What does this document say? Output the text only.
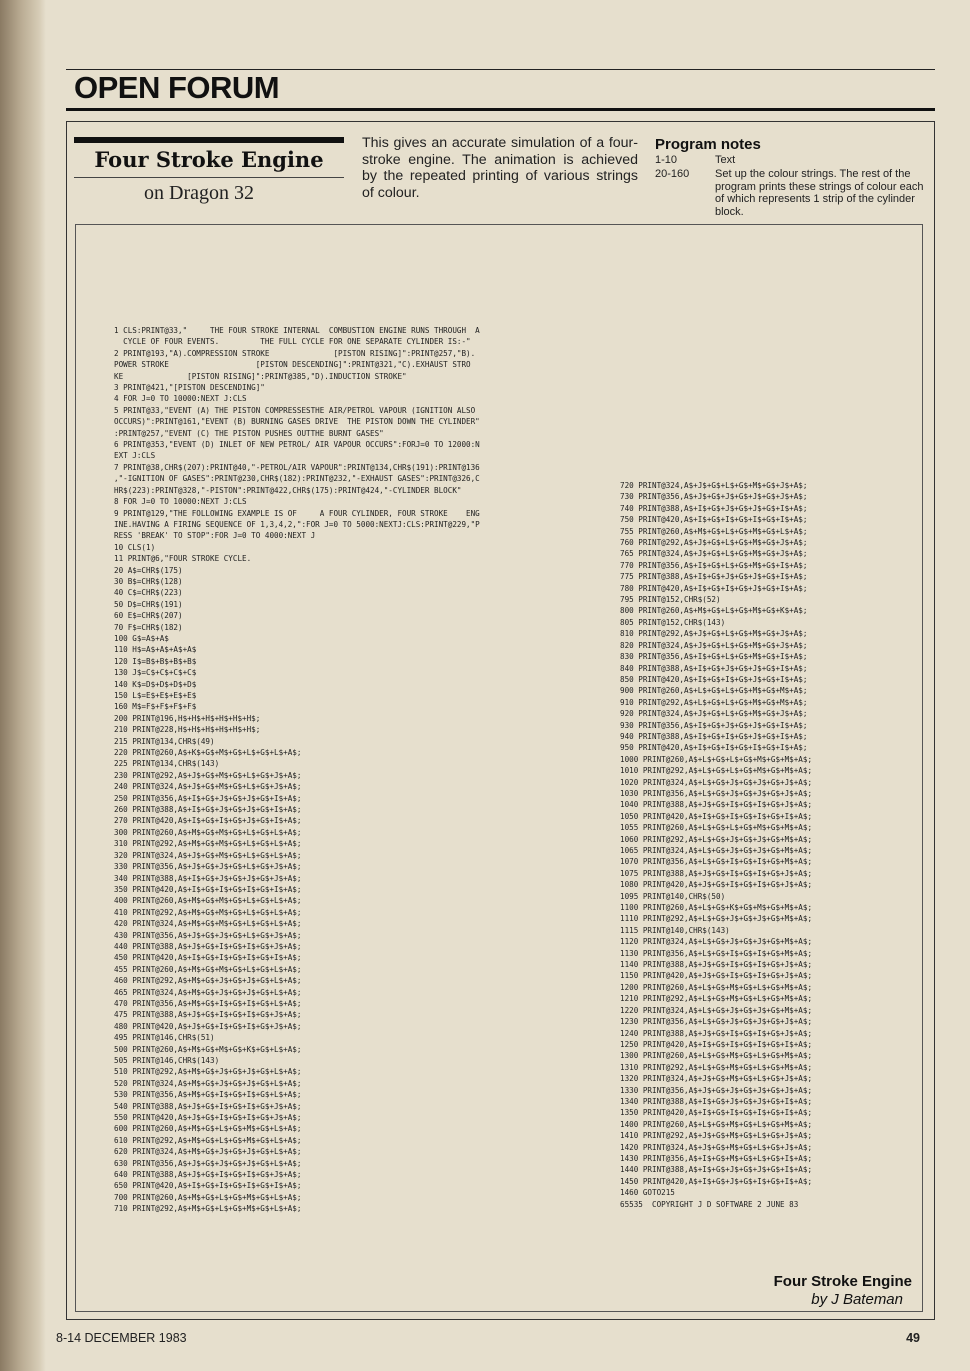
OPEN FORUM
Four Stroke Engine
on Dragon 32
This gives an accurate simulation of a four-stroke engine. The animation is achieved by the repeated printing of various strings of colour.
Program notes
1-10	Text
20-160	Set up the colour strings. The rest of the program prints these strings of colour each of which represents 1 strip of the cylinder block.
1 CLS:PRINT@33,"     THE FOUR STROKE INTERNAL  COMBUSTION ENGINE RUNS THROUGH  A
CYCLE OF FOUR EVENTS.         THE FULL CYCLE FOR ONE SEPARATE CYLINDER IS:-"
2 PRINT@193,"A).COMPRESSION STROKE              [PISTON RISING]":PRINT@257,"B).
POWER STROKE                   [PISTON DESCENDING]":PRINT@321,"C).EXHAUST STRO
KE              [PISTON RISING]":PRINT@385,"D).INDUCTION STROKE"
3 PRINT@421,"[PISTON DESCENDING]"
4 FOR J=0 TO 10000:NEXT J:CLS
5 PRINT@33,"EVENT (A) THE PISTON COMPRESSESTHE AIR/PETROL VAPOUR (IGNITION ALSO
OCCURS)":PRINT@161,"EVENT (B) BURNING GASES DRIVE  THE PISTON DOWN THE CYLINDER"
:PRINT@257,"EVENT (C) THE PISTON PUSHES OUTTHE BURNT GASES"
6 PRINT@353,"EVENT (D) INLET OF NEW PETROL/ AIR VAPOUR OCCURS":FORJ=0 TO 12000:N
EXT J:CLS
7 PRINT@38,CHR$(207):PRINT@40,"-PETROL/AIR VAPOUR":PRINT@134,CHR$(191):PRINT@136
,"-IGNITION OF GASES":PRINT@230,CHR$(182):PRINT@232,"-EXHAUST GASES":PRINT@326,C
HR$(223):PRINT@328,"-PISTON":PRINT@422,CHR$(175):PRINT@424,"-CYLINDER BLOCK"
8 FOR J=0 TO 10000:NEXT J:CLS
9 PRINT@129,"THE FOLLOWING EXAMPLE IS OF     A FOUR CYLINDER, FOUR STROKE    ENG
INE.HAVING A FIRING SEQUENCE OF 1,3,4,2,":FOR J=0 TO 5000:NEXTJ:CLS:PRINT@229,"P
RESS 'BREAK' TO STOP":FOR J=0 TO 4000:NEXT J
10 CLS(1)
11 PRINT@6,"FOUR STROKE CYCLE.
20 A$=CHR$(175)
30 B$=CHR$(128)
40 C$=CHR$(223)
50 D$=CHR$(191)
60 E$=CHR$(207)
70 F$=CHR$(182)
100 G$=A$+A$
110 H$=A$+A$+A$+A$
120 I$=B$+B$+B$+B$
130 J$=C$+C$+C$+C$
140 K$=D$+D$+D$+D$
150 L$=E$+E$+E$+E$
160 M$=F$+F$+F$+F$
200 PRINT@196,H$+H$+H$+H$+H$+H$;
210 PRINT@228,H$+H$+H$+H$+H$+H$;
215 PRINT@134,CHR$(49)
220 PRINT@260,A$+K$+G$+M$+G$+L$+G$+L$+A$;
225 PRINT@134,CHR$(143)
230 PRINT@292,A$+J$+G$+M$+G$+L$+G$+J$+A$;
240 PRINT@324,A$+J$+G$+M$+G$+L$+G$+J$+A$;
250 PRINT@356,A$+I$+G$+J$+G$+J$+G$+I$+A$;
260 PRINT@388,A$+I$+G$+J$+G$+J$+G$+I$+A$;
270 PRINT@420,A$+I$+G$+I$+G$+J$+G$+I$+A$;
300 PRINT@260,A$+M$+G$+M$+G$+L$+G$+L$+A$;
310 PRINT@292,A$+M$+G$+M$+G$+L$+G$+L$+A$;
320 PRINT@324,A$+J$+G$+M$+G$+L$+G$+L$+A$;
330 PRINT@356,A$+J$+G$+J$+G$+L$+G$+J$+A$;
340 PRINT@388,A$+I$+G$+J$+G$+J$+G$+J$+A$;
350 PRINT@420,A$+I$+G$+I$+G$+I$+G$+I$+A$;
400 PRINT@260,A$+M$+G$+M$+G$+L$+G$+L$+A$;
410 PRINT@292,A$+M$+G$+M$+G$+L$+G$+L$+A$;
420 PRINT@324,A$+M$+G$+M$+G$+L$+G$+L$+A$;
430 PRINT@356,A$+J$+G$+J$+G$+L$+G$+J$+A$;
440 PRINT@388,A$+J$+G$+I$+G$+I$+G$+J$+A$;
450 PRINT@420,A$+I$+G$+I$+G$+I$+G$+I$+A$;
455 PRINT@260,A$+M$+G$+M$+G$+L$+G$+L$+A$;
460 PRINT@292,A$+M$+G$+J$+G$+J$+G$+L$+A$;
465 PRINT@324,A$+M$+G$+J$+G$+J$+G$+L$+A$;
470 PRINT@356,A$+M$+G$+I$+G$+I$+G$+L$+A$;
475 PRINT@388,A$+J$+G$+I$+G$+I$+G$+J$+A$;
480 PRINT@420,A$+J$+G$+I$+G$+I$+G$+J$+A$;
495 PRINT@146,CHR$(51)
500 PRINT@260,A$+M$+G$+M$+G$+K$+G$+L$+A$;
505 PRINT@146,CHR$(143)
510 PRINT@292,A$+M$+G$+J$+G$+J$+G$+L$+A$;
520 PRINT@324,A$+M$+G$+J$+G$+J$+G$+L$+A$;
530 PRINT@356,A$+M$+G$+I$+G$+I$+G$+L$+A$;
540 PRINT@388,A$+J$+G$+I$+G$+I$+G$+J$+A$;
550 PRINT@420,A$+J$+G$+I$+G$+I$+G$+J$+A$;
600 PRINT@260,A$+M$+G$+L$+G$+M$+G$+L$+A$;
610 PRINT@292,A$+M$+G$+L$+G$+M$+G$+L$+A$;
620 PRINT@324,A$+M$+G$+J$+G$+J$+G$+L$+A$;
630 PRINT@356,A$+J$+G$+J$+G$+J$+G$+L$+A$;
640 PRINT@388,A$+J$+G$+I$+G$+I$+G$+J$+A$;
650 PRINT@420,A$+I$+G$+I$+G$+I$+G$+I$+A$;
700 PRINT@260,A$+M$+G$+L$+G$+M$+G$+L$+A$;
710 PRINT@292,A$+M$+G$+L$+G$+M$+G$+L$+A$;
720 PRINT@324,A$+J$+G$+L$+G$+M$+G$+J$+A$;
730 PRINT@356,A$+J$+G$+J$+G$+J$+G$+J$+A$;
740 PRINT@388,A$+I$+G$+J$+G$+J$+G$+I$+A$;
750 PRINT@420,A$+I$+G$+I$+G$+I$+G$+I$+A$;
755 PRINT@260,A$+M$+G$+L$+G$+M$+G$+L$+A$;
760 PRINT@292,A$+J$+G$+L$+G$+M$+G$+J$+A$;
765 PRINT@324,A$+J$+G$+L$+G$+M$+G$+J$+A$;
770 PRINT@356,A$+I$+G$+L$+G$+M$+G$+I$+A$;
775 PRINT@388,A$+I$+G$+J$+G$+J$+G$+I$+A$;
780 PRINT@420,A$+I$+G$+I$+G$+J$+G$+I$+A$;
795 PRINT@152,CHR$(52)
800 PRINT@260,A$+M$+G$+L$+G$+M$+G$+K$+A$;
805 PRINT@152,CHR$(143)
810 PRINT@292,A$+J$+G$+L$+G$+M$+G$+J$+A$;
820 PRINT@324,A$+J$+G$+L$+G$+M$+G$+J$+A$;
830 PRINT@356,A$+I$+G$+L$+G$+M$+G$+I$+A$;
840 PRINT@388,A$+I$+G$+J$+G$+J$+G$+I$+A$;
850 PRINT@420,A$+I$+G$+I$+G$+J$+G$+I$+A$;
900 PRINT@260,A$+L$+G$+L$+G$+M$+G$+M$+A$;
910 PRINT@292,A$+L$+G$+L$+G$+M$+G$+M$+A$;
920 PRINT@324,A$+J$+G$+L$+G$+M$+G$+J$+A$;
930 PRINT@356,A$+I$+G$+J$+G$+J$+G$+I$+A$;
940 PRINT@388,A$+I$+G$+I$+G$+J$+G$+I$+A$;
950 PRINT@420,A$+I$+G$+I$+G$+I$+G$+I$+A$;
1000 PRINT@260,A$+L$+G$+L$+G$+M$+G$+M$+A$;
1010 PRINT@292,A$+L$+G$+L$+G$+M$+G$+M$+A$;
1020 PRINT@324,A$+L$+G$+J$+G$+J$+G$+J$+A$;
1030 PRINT@356,A$+L$+G$+J$+G$+J$+G$+J$+A$;
1040 PRINT@388,A$+J$+G$+I$+G$+I$+G$+J$+A$;
1050 PRINT@420,A$+I$+G$+I$+G$+I$+G$+I$+A$;
1055 PRINT@260,A$+L$+G$+L$+G$+M$+G$+M$+A$;
1060 PRINT@292,A$+L$+G$+J$+G$+J$+G$+M$+A$;
1065 PRINT@324,A$+L$+G$+J$+G$+J$+G$+M$+A$;
1070 PRINT@356,A$+L$+G$+I$+G$+I$+G$+M$+A$;
1075 PRINT@388,A$+J$+G$+I$+G$+I$+G$+J$+A$;
1080 PRINT@420,A$+J$+G$+I$+G$+I$+G$+J$+A$;
1095 PRINT@140,CHR$(50)
1100 PRINT@260,A$+L$+G$+K$+G$+M$+G$+M$+A$;
1110 PRINT@292,A$+L$+G$+J$+G$+J$+G$+M$+A$;
1115 PRINT@140,CHR$(143)
1120 PRINT@324,A$+L$+G$+J$+G$+J$+G$+M$+A$;
1130 PRINT@356,A$+L$+G$+I$+G$+I$+G$+M$+A$;
1140 PRINT@388,A$+J$+G$+I$+G$+I$+G$+J$+A$;
1150 PRINT@420,A$+J$+G$+I$+G$+I$+G$+J$+A$;
1200 PRINT@260,A$+L$+G$+M$+G$+L$+G$+M$+A$;
1210 PRINT@292,A$+L$+G$+M$+G$+L$+G$+M$+A$;
1220 PRINT@324,A$+L$+G$+J$+G$+J$+G$+M$+A$;
1230 PRINT@356,A$+L$+G$+J$+G$+J$+G$+J$+A$;
1240 PRINT@388,A$+J$+G$+I$+G$+I$+G$+J$+A$;
1250 PRINT@420,A$+I$+G$+I$+G$+I$+G$+I$+A$;
1300 PRINT@260,A$+L$+G$+M$+G$+L$+G$+M$+A$;
1310 PRINT@292,A$+L$+G$+M$+G$+L$+G$+M$+A$;
1320 PRINT@324,A$+J$+G$+M$+G$+L$+G$+J$+A$;
1330 PRINT@356,A$+J$+G$+J$+G$+J$+G$+J$+A$;
1340 PRINT@388,A$+I$+G$+J$+G$+J$+G$+I$+A$;
1350 PRINT@420,A$+I$+G$+I$+G$+I$+G$+I$+A$;
1400 PRINT@260,A$+L$+G$+M$+G$+L$+G$+M$+A$;
1410 PRINT@292,A$+J$+G$+M$+G$+L$+G$+J$+A$;
1420 PRINT@324,A$+J$+G$+M$+G$+L$+G$+J$+A$;
1430 PRINT@356,A$+I$+G$+M$+G$+L$+G$+I$+A$;
1440 PRINT@388,A$+I$+G$+J$+G$+J$+G$+I$+A$;
1450 PRINT@420,A$+I$+G$+J$+G$+I$+G$+I$+A$;
1460 GOTO215
65535  COPYRIGHT J D SOFTWARE 2 JUNE 83
Four Stroke Engine
by J Bateman
8-14 DECEMBER 1983	49
